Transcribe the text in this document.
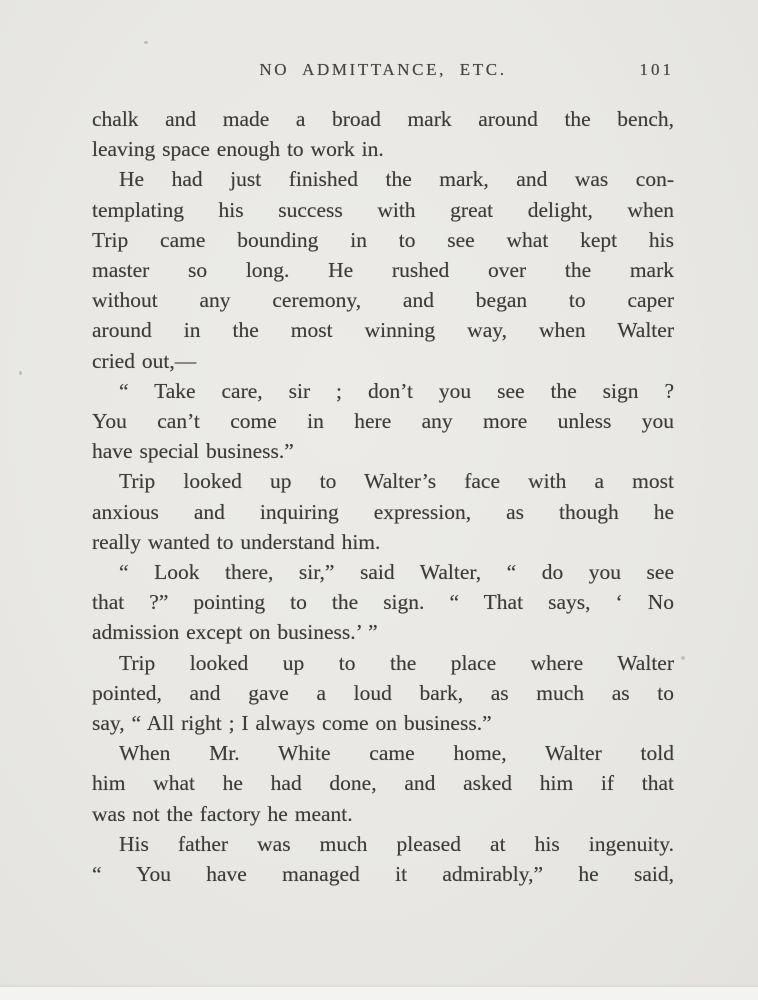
NO ADMITTANCE, ETC.	101
chalk and made a broad mark around the bench,
leaving space enough to work in.
He had just finished the mark, and was con-
templating his success with great delight, when
Trip came bounding in to see what kept his
master so long. He rushed over the mark
without any ceremony, and began to caper
around in the most winning way, when Walter
cried out,—
“ Take care, sir ; don’t you see the sign ?
You can’t come in here any more unless you
have special business.”
Trip looked up to Walter’s face with a most
anxious and inquiring expression, as though he
really wanted to understand him.
“ Look there, sir,” said Walter, “ do you see
that ?” pointing to the sign. “ That says, ‘ No
admission except on business.’ ”
Trip looked up to the place where Walter
pointed, and gave a loud bark, as much as to
say, “ All right ; I always come on business.”
When Mr. White came home, Walter told
him what he had done, and asked him if that
was not the factory he meant.
His father was much pleased at his ingenuity.
“ You have managed it admirably,” he said,
